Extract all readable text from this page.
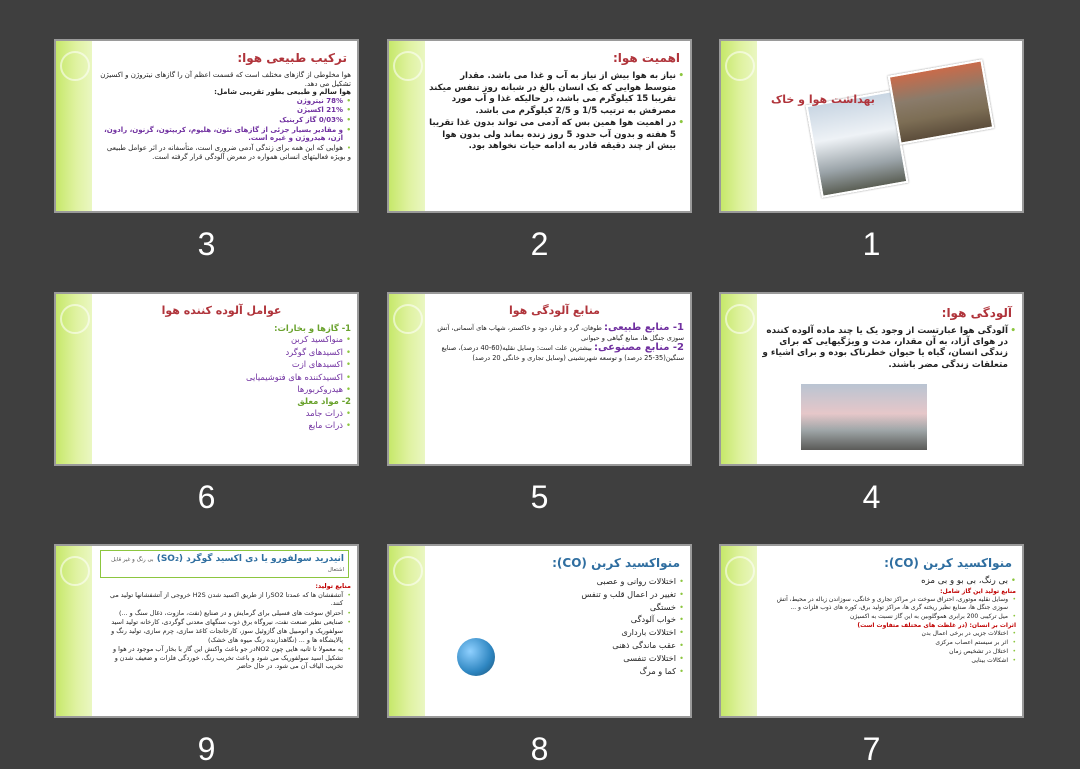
ترکیب طبیعی هوا:
هوا مخلوطی از گازهای مختلف است که قسمت اعظم آن را گازهای نیتروژن و اکسیژن تشکیل می دهد.
هوا سالم و طبیعی بطور تقریبی شامل:
• 78% نیتروژن
• 21% اکسیژن
• 0/03% گاز کربنیک
• و مقادیر بسیار جزئی از گازهای نئون، هلیوم، کریپتون، گزنون، رادون، ازن، هیدروژن و غیره است.
• هوایی که این همه برای زندگی آدمی ضروری است، متأسفانه در اثر عوامل طبیعی
و بویژه فعالیتهای انسانی همواره در معرض آلودگی قرار گرفته است.
3
اهمیت هوا:
• نیاز به هوا بیش از نیاز به آب و غذا می باشد. مقدار متوسط هوایی که یک انسان بالغ در شبانه روز تنفس میکند تقریبا 15 کیلوگرم می باشد، در حالیکه غذا و آب مورد مصرفش به ترتیب 1/5 و 2/5 کیلوگرم می باشد.
• در اهمیت هوا همین بس که آدمی می تواند بدون غذا تقریبا 5 هفته و بدون آب حدود 5 روز زنده بماند ولی بدون هوا بیش از چند دقیقه قادر به ادامه حیات نخواهد بود.
2
بهداشت هوا و خاک
1
عوامل آلوده کننده هوا
1- گازها و بخارات:
• منواکسید کربن
• اکسیدهای گوگرد
• اکسیدهای ازت
• اکسیدکننده های فتوشیمیایی
• هیدروکربورها
2- مواد معلق
• ذرات جامد
• ذرات مایع
6
منابع آلودگی هوا
1- منابع طبیعی: طوفان، گرد و غبار، دود و خاکستر، شهاب های آسمانی، آتش سوزی جنگل ها، منابع گیاهی و حیوانی
2- منابع مصنوعی: بیشترین علت است: وسایل نقلیه(60-40 درصد)، صنایع سنگین(35-25 درصد) و توسعه شهرنشینی (وسایل تجاری و خانگی 20 درصد)
5
آلودگی هوا:
• آلودگی هوا عبارتست از وجود یک یا چند ماده آلوده کننده در هوای آزاد، به آن مقدار، مدت و ویژگیهایی که برای زندگی انسان، گیاه یا حیوان خطرناک بوده و برای اشیاء و متعلقات زندگی مضر باشند.
4
انیدرید سولفورو یا دی اکسید گوگرد (SO₂) بی رنگ و غیر قابل اشتعال
منابع تولید:
• آتشفشان ها که عمدتا SO2را از طریق اکسید شدن H2S خروجی از آتشفشانها تولید می کنند.
• احتراق سوخت های فسیلی برای گرمایش و در صنایع (نفت، مازوت، ذغال سنگ و ...)
• صنایعی نظیر صنعت نفت، نیروگاه برق ذوب سنگهای معدنی گوگردی، کارخانه تولید اسید سولفوریک و اتومبیل های گازوئیل سوز، کارخانجات کاغذ سازی، چرم سازی، تولید رنگ و پالایشگاه ها و ... (نگاهدارنده رنگ میوه های خشک)
• به معمولا تا ثانیه هایی چون NO2در جو باعث واکنش این گاز با بخار آب موجود در هوا و تشکیل اسید سولفوریک می شود و باعث تخریب رنگ، خوردگی فلزات و ضعیف شدن و تخریب الیاف آن می شود. در حال حاضر
9
منواکسید کربن (CO):
• اختلالات روانی و عصبی
• تغییر در اعمال قلب و تنفس
• خستگی
• خواب آلودگی
• اختلالات بارداری
• عقب ماندگی ذهنی
• اختلالات تنفسی
• کما و مرگ
8
منواکسید کربن (CO):
• بی رنگ، بی بو و بی مزه
منابع تولید این گاز شامل:
• وسایل نقلیه موتوری، احتراق سوخت در مراکز تجاری و خانگی، سوزاندن زباله در محیط، آتش سوزی جنگل ها، صنایع نظیر ریخته گری ها، مراکز تولید برق، کوره های ذوب فلزات و ...
• میل ترکیبی 200 برابری هموگلوبین به این گاز نسبت به اکسیژن
اثرات بر انسان: (در غلظت های مختلف متفاوت است)
• اختلالات جزیی در برخی اعمال بدن
• اثر بر سیستم اعصاب مرکزی
• اختلال در تشخیص زمان
• اشکالات بینایی
7
